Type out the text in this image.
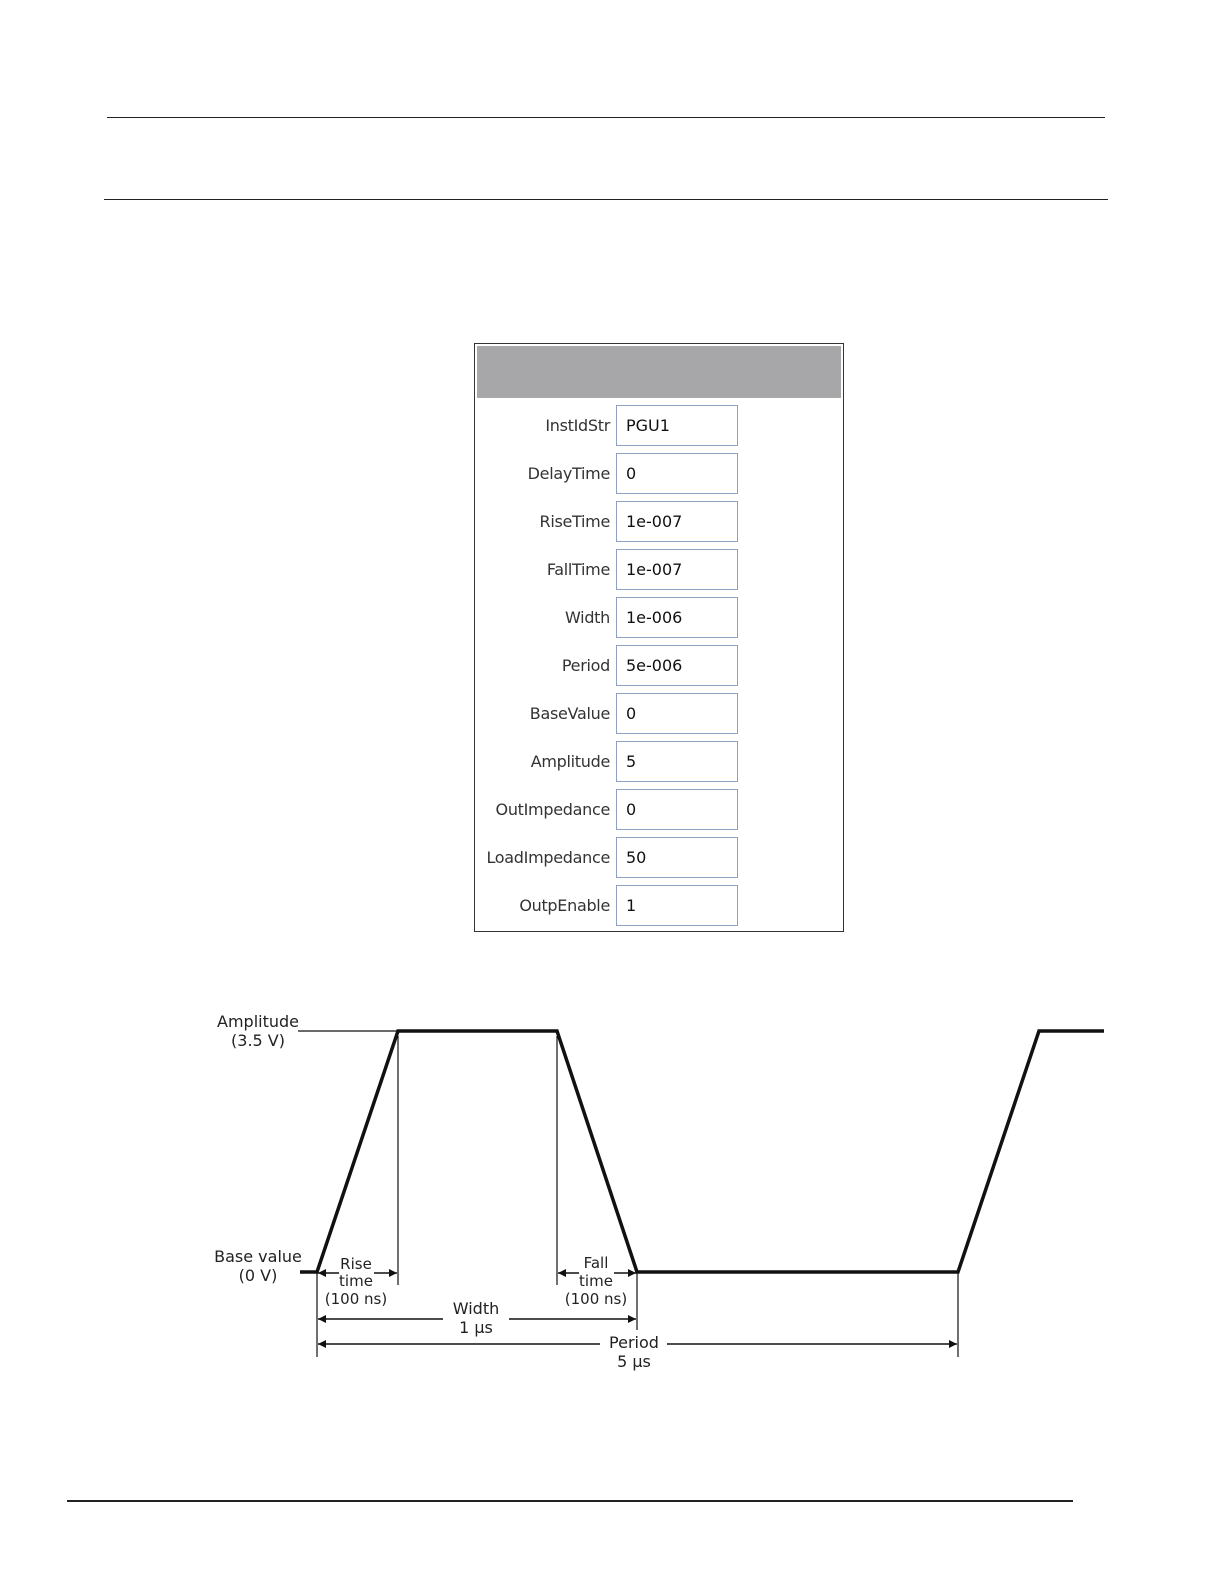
InstIdStr
PGU1
DelayTime
0
RiseTime
1e-007
FallTime
1e-007
Width
1e-006
Period
5e-006
BaseValue
0
Amplitude
5
OutImpedance
0
LoadImpedance
50
OutpEnable
1
Amplitude
(3.5 V)
Base value
(0 V)
Rise
time
(100 ns)
Fall
time
(100 ns)
Width
1 µs
Period
5 µs
